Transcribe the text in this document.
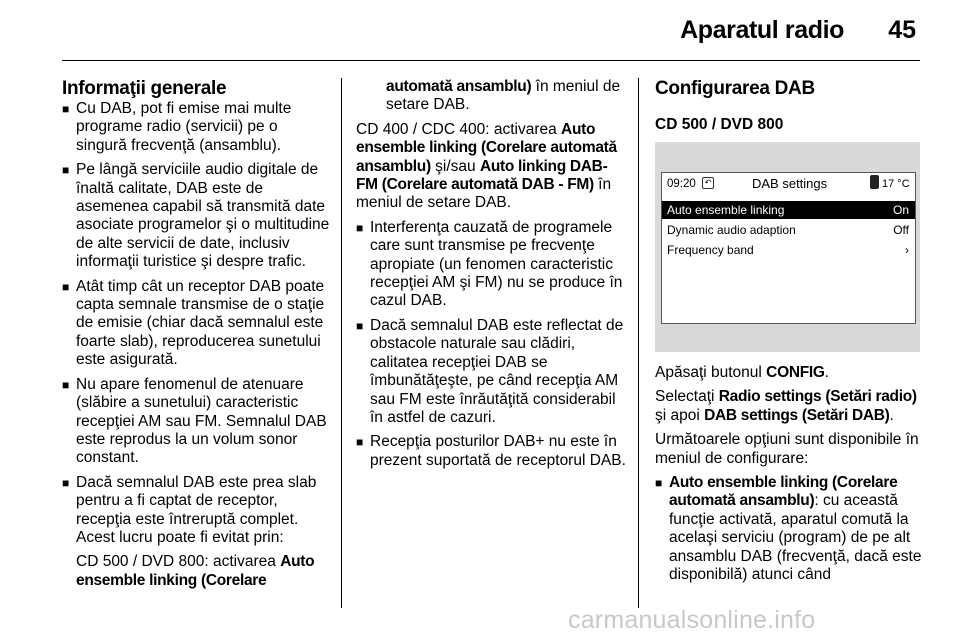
Aparatul radio 45
Informaţii generale
■ Cu DAB, pot fi emise mai multe programe radio (servicii) pe o singură frecvenţă (ansamblu).
■ Pe lângă serviciile audio digitale de înaltă calitate, DAB este de asemenea capabil să transmită date asociate programelor şi o multitudine de alte servicii de date, inclusiv informaţii turistice şi despre trafic.
■ Atât timp cât un receptor DAB poate capta semnale transmise de o staţie de emisie (chiar dacă semnalul este foarte slab), reproducerea sunetului este asigurată.
■ Nu apare fenomenul de atenuare (slăbire a sunetului) caracteristic recepţiei AM sau FM. Semnalul DAB este reprodus la un volum sonor constant.
■ Dacă semnalul DAB este prea slab pentru a fi captat de receptor, recepţia este întreruptă complet. Acest lucru poate fi evitat prin:
CD 500 / DVD 800: activarea Auto ensemble linking (Corelare

automată ansamblu) în meniul de setare DAB.

CD 400 / CDC 400: activarea Auto ensemble linking (Corelare automată ansamblu) şi/sau Auto linking DAB-FM (Corelare automată DAB - FM) în meniul de setare DAB.

■ Interferenţa cauzată de programele care sunt transmise pe frecvenţe apropiate (un fenomen caracteristic recepţiei AM şi FM) nu se produce în cazul DAB.
■ Dacă semnalul DAB este reflectat de obstacole naturale sau clădiri, calitatea recepţiei DAB se îmbunătăţeşte, pe când recepţia AM sau FM este înrăutăţită considerabil în astfel de cazuri.
■ Recepţia posturilor DAB+ nu este în prezent suportată de receptorul DAB.
Configurarea DAB
CD 500 / DVD 800
09:20	↶	DAB settings	17 °C
Auto ensemble linking	On
Dynamic audio adaption	Off
Frequency band	›

Apăsaţi butonul CONFIG.

Selectaţi Radio settings (Setări radio) şi apoi DAB settings (Setări DAB).

Următoarele opţiuni sunt disponibile în meniul de configurare:

■ Auto ensemble linking (Corelare automată ansamblu): cu această funcţie activată, aparatul comută la acelaşi serviciu (program) de pe alt ansamblu DAB (frecvenţă, dacă este disponibilă) atunci când
carmanualsonline.info
